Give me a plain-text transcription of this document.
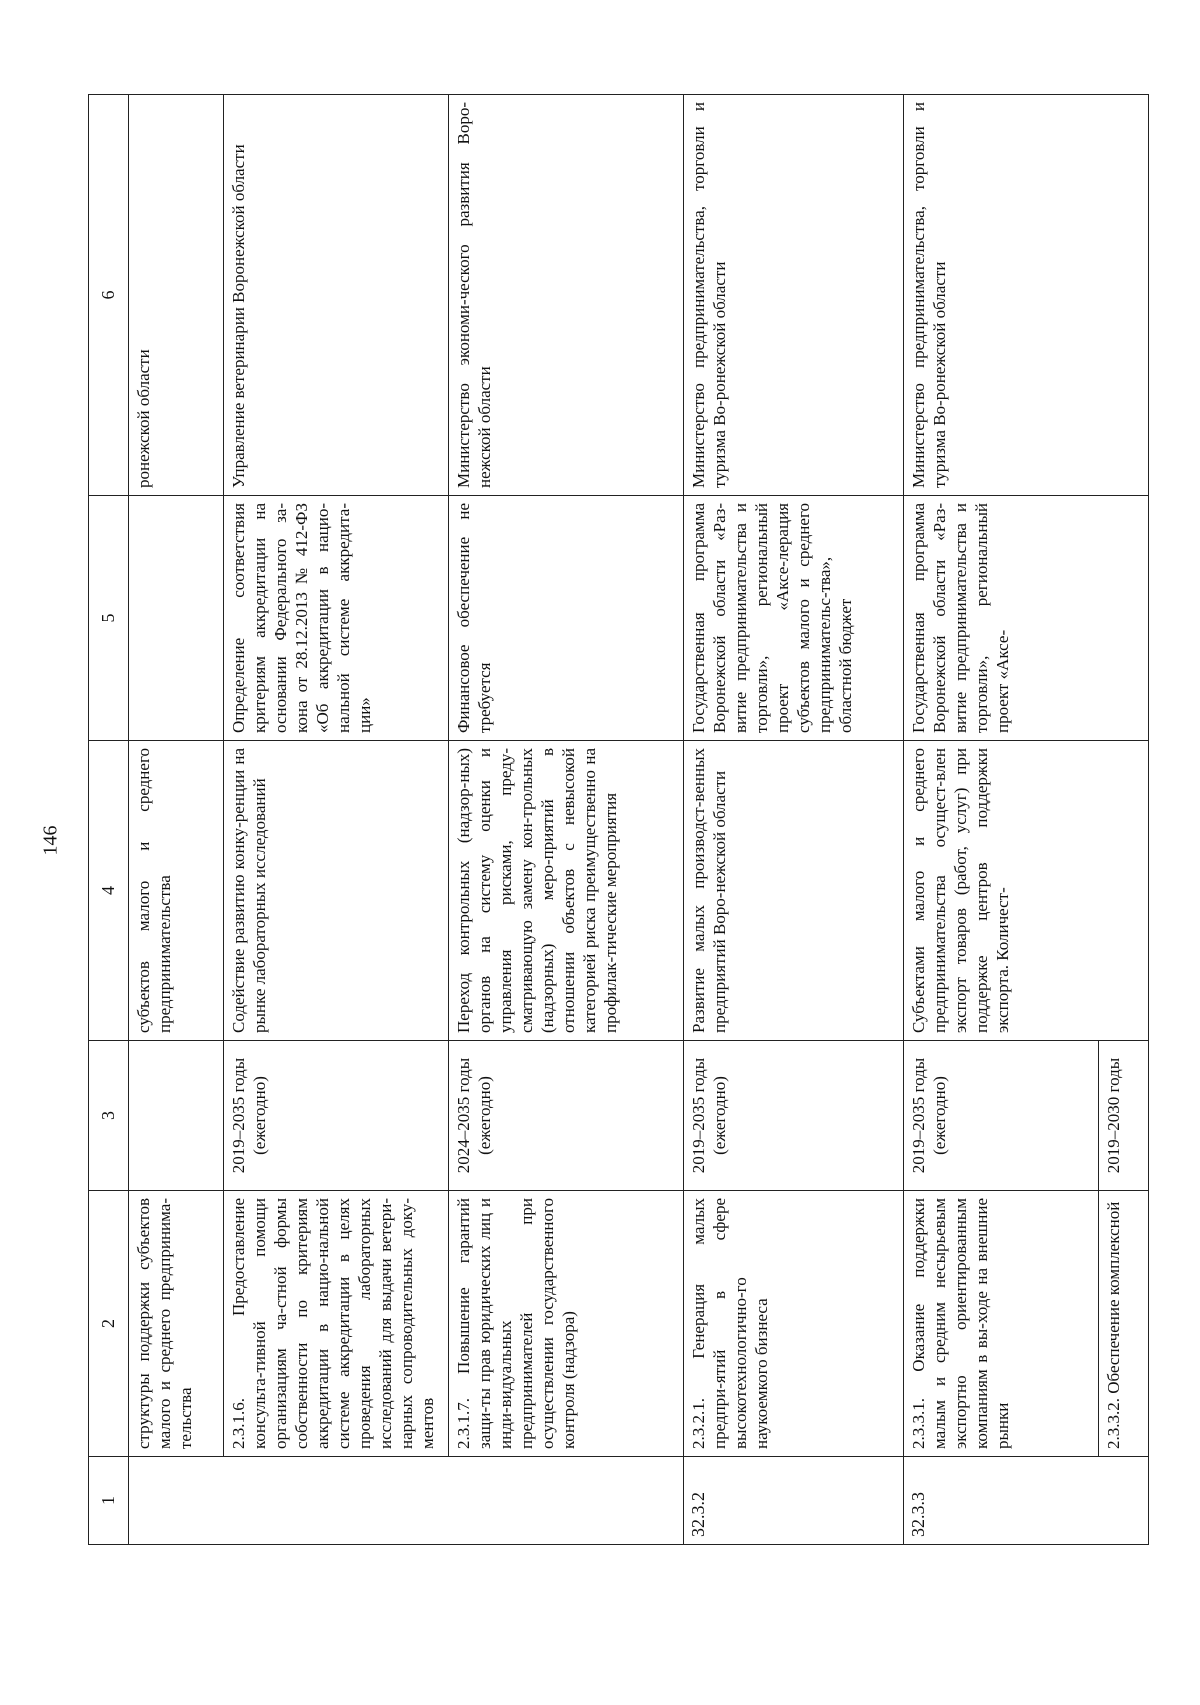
146
1	2	3	4	5	6
	структуры поддержки субъектов малого и среднего предпринима-тельства		субъектов малого и среднего предпринимательства		ронежской области
	2.3.1.6. Предоставление консульта-тивной помощи организациям ча-стной формы собственности по критериям аккредитации в нацио-нальной системе аккредитации в целях проведения лабораторных исследований для выдачи ветери-нарных сопроводительных доку-ментов	2019–2035 годы (ежегодно)	Содействие развитию конку-ренции на рынке лабораторных исследований	Определение соответствия критериям аккредитации на основании Федерального за-кона от 28.12.2013 № 412-ФЗ «Об аккредитации в нацио-нальной системе аккредита-ции»	Управление ветеринарии Воронежской области
	2.3.1.7. Повышение гарантий защи-ты прав юридических лиц и инди-видуальных предпринимателей при осуществлении государственного контроля (надзора)	2024–2035 годы (ежегодно)	Переход контрольных (надзор-ных) органов на систему оценки и управления рисками, преду-сматривающую замену кон-трольных (надзорных) меро-приятий в отношении объектов с невысокой категорией риска преимущественно на профилак-тические мероприятия	Финансовое обеспечение не требуется	Министерство экономи-ческого развития Воро-нежской области
32.3.2	2.3.2.1. Генерация малых предпри-ятий в сфере высокотехнологично-го наукоемкого бизнеса	2019–2035 годы (ежегодно)	Развитие малых производст-венных предприятий Воро-нежской области	Государственная программа Воронежской области «Раз-витие предпринимательства и торговли», региональный проект «Аксе-лерация субъектов малого и среднего предпринимательс-тва», областной бюджет	Министерство предпринимательства, торговли и туризма Во-ронежской области
32.3.3	2.3.3.1. Оказание поддержки малым и средним несырьевым экспортно ориентированным компаниям в вы-ходе на внешние рынки	2019–2035 годы (ежегодно)	Субъектами малого и среднего предпринимательства осущест-влен экспорт товаров (работ, услуг) при поддержке центров поддержки экспорта. Количест-	Государственная программа Воронежской области «Раз-витие предпринимательства и торговли», региональный проект «Аксе-	Министерство предпринимательства, торговли и туризма Во-ронежской области
	2.3.3.2. Обеспечение комплексной	2019–2030 годы			
